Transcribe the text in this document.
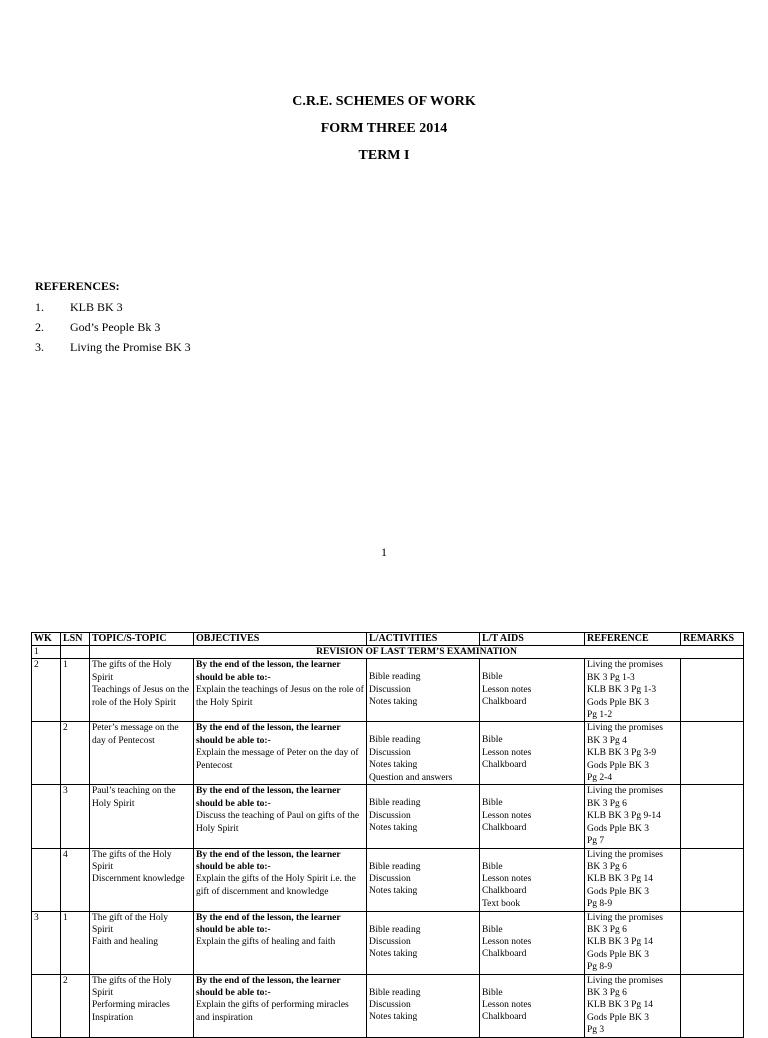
C.R.E. SCHEMES OF WORK
FORM THREE 2014
TERM I
REFERENCES:
1.	KLB BK 3
2.	God’s People Bk 3
3.	Living the Promise BK 3
1
WK	LSN	TOPIC/S-TOPIC	OBJECTIVES	L/ACTIVITIES	L/T AIDS	REFERENCE	REMARKS
1		REVISION OF LAST TERM’S EXAMINATION					
2	1	The gifts of the Holy Spirit
Teachings of Jesus on the role of the Holy Spirit	By the end of the lesson, the learner should be able to:-
Explain the teachings of Jesus on the role of the Holy Spirit	Bible reading
Discussion
Notes taking	Bible
Lesson notes
Chalkboard	Living the promises
BK 3 Pg 1-3
KLB BK 3 Pg 1-3
Gods Pple BK 3
Pg 1-2	

	2	Peter’s message on the day of Pentecost	By the end of the lesson, the learner should be able to:-
Explain the message of Peter on the day of Pentecost	Bible reading
Discussion
Notes taking
Question and answers	Bible
Lesson notes
Chalkboard	Living the promises
BK 3 Pg 4
KLB BK 3 Pg 3-9
Gods Pple BK 3
Pg 2-4	

	3	Paul’s teaching on the Holy Spirit	By the end of the lesson, the learner should be able to:-
Discuss the teaching of Paul on gifts of the Holy Spirit	Bible reading
Discussion
Notes taking	Bible
Lesson notes
Chalkboard	Living the promises
BK 3 Pg 6
KLB BK 3 Pg 9-14
Gods Pple BK 3
Pg 7	

	4	The gifts of the Holy Spirit
Discernment knowledge	By the end of the lesson, the learner should be able to:-
Explain the gifts of the Holy Spirit i.e. the gift of discernment and knowledge	Bible reading
Discussion
Notes taking	Bible
Lesson notes
Chalkboard
Text book	Living the promises
BK 3 Pg 6
KLB BK 3 Pg 14
Gods Pple BK 3
Pg 8-9	

3	1	The gift of the Holy Spirit
Faith and healing	By the end of the lesson, the learner should be able to:-
Explain the gifts of healing and faith	Bible reading
Discussion
Notes taking	Bible
Lesson notes
Chalkboard	Living the promises
BK 3 Pg 6
KLB BK 3 Pg 14
Gods Pple BK 3
Pg 8-9	

	2	The gifts of the Holy Spirit
Performing miracles
Inspiration	By the end of the lesson, the learner should be able to:-
Explain the gifts of performing miracles and inspiration	Bible reading
Discussion
Notes taking	Bible
Lesson notes
Chalkboard	Living the promises
BK 3 Pg 6
KLB BK 3 Pg 14
Gods Pple BK 3
Pg 3	
